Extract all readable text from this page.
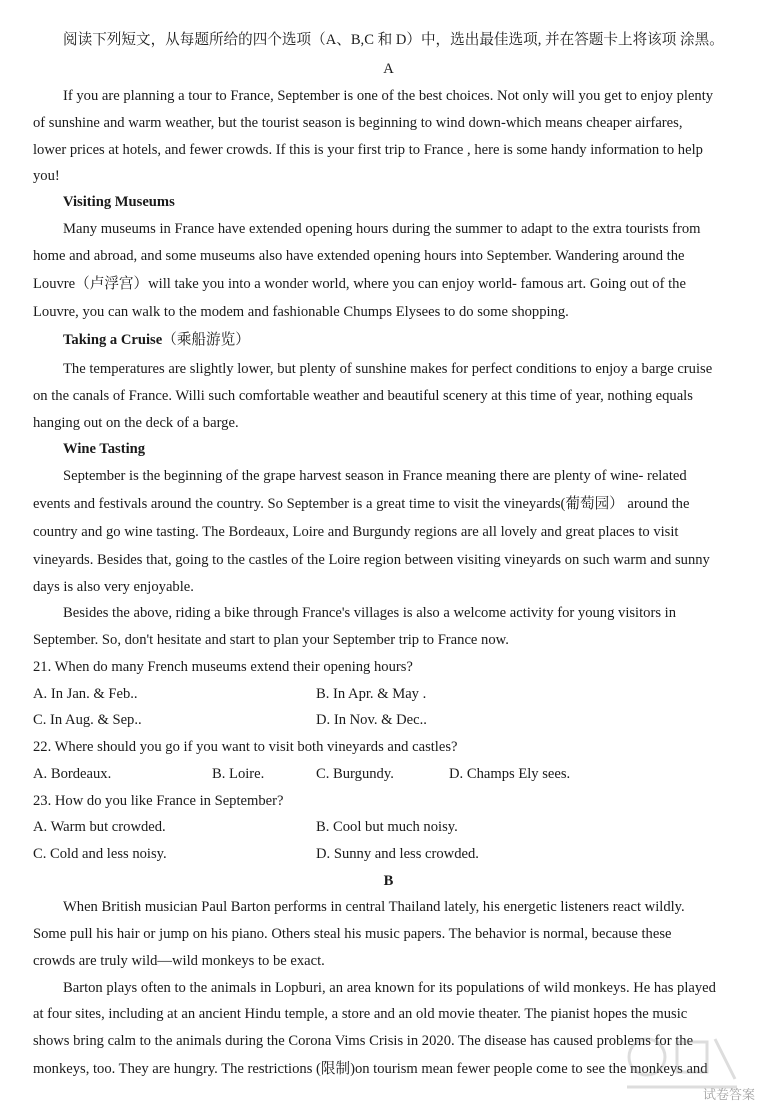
阅读下列短文，从每题所给的四个选项（A、B,C 和 D）中，选出最佳选项, 并在答题卡上将该项 涂黑。
A
If you are planning a tour to France, September is one of the best choices. Not only will you get to enjoy plenty
of sunshine and warm weather, but the tourist season is beginning to wind down-which means cheaper airfares,
lower prices at hotels, and fewer crowds. If this is your first trip to France , here is some handy information to help
you!
Visiting Museums
Many museums in France have extended opening hours during the summer to adapt to the extra tourists from
home and abroad, and some museums also have extended opening hours into September. Wandering around the
Louvre（卢浮宫）will take you into a wonder world, where you can enjoy world- famous art. Going out of the
Louvre, you can walk to the modem and fashionable Chumps Elysees to do some shopping.
Taking a Cruise（乘船游览）
The temperatures are slightly lower, but plenty of sunshine makes for perfect conditions to enjoy a barge cruise
on the canals of France. Willi such comfortable weather and beautiful scenery at this time of year, nothing equals
hanging out on the deck of a barge.
Wine Tasting
September is the beginning of the grape harvest season in France meaning there are plenty of wine- related
events and festivals around the country. So September is a great time to visit the vineyards(葡萄园） around the
country and go wine tasting. The Bordeaux, Loire and Burgundy regions are all lovely and great places to visit
vineyards. Besides that, going to the castles of the Loire region between visiting vineyards on such warm and sunny
days is also very enjoyable.
Besides the above, riding a bike through France's villages is also a welcome activity for young visitors in
September. So, don't hesitate and start to plan your September trip to France now.
21. When do many French museums extend their opening hours?
A. In Jan. & Feb..	B. In Apr. & May .
C. In Aug. & Sep..	D. In Nov. & Dec..
22. Where should you go if you want to visit both vineyards and castles?
A. Bordeaux.	B. Loire.	C. Burgundy.	D. Champs Ely sees.
23. How do you like France in September?
A. Warm but crowded.	B. Cool but much noisy.
C. Cold and less noisy.	D. Sunny and less crowded.
B
When British musician Paul Barton performs in central Thailand lately, his energetic listeners react wildly.
Some pull his hair or jump on his piano. Others steal his music papers. The behavior is normal, because these
crowds are truly wild—wild monkeys to be exact.
Barton plays often to the animals in Lopburi, an area known for its populations of wild monkeys. He has played
at four sites, including at an ancient Hindu temple, a store and an old movie theater. The pianist hopes the music
shows bring calm to the animals during the Corona Vims Crisis in 2020. The disease has caused problems for the
monkeys, too. They are hungry. The restrictions (限制)on tourism mean fewer people come to see the monkeys and
试卷答案
